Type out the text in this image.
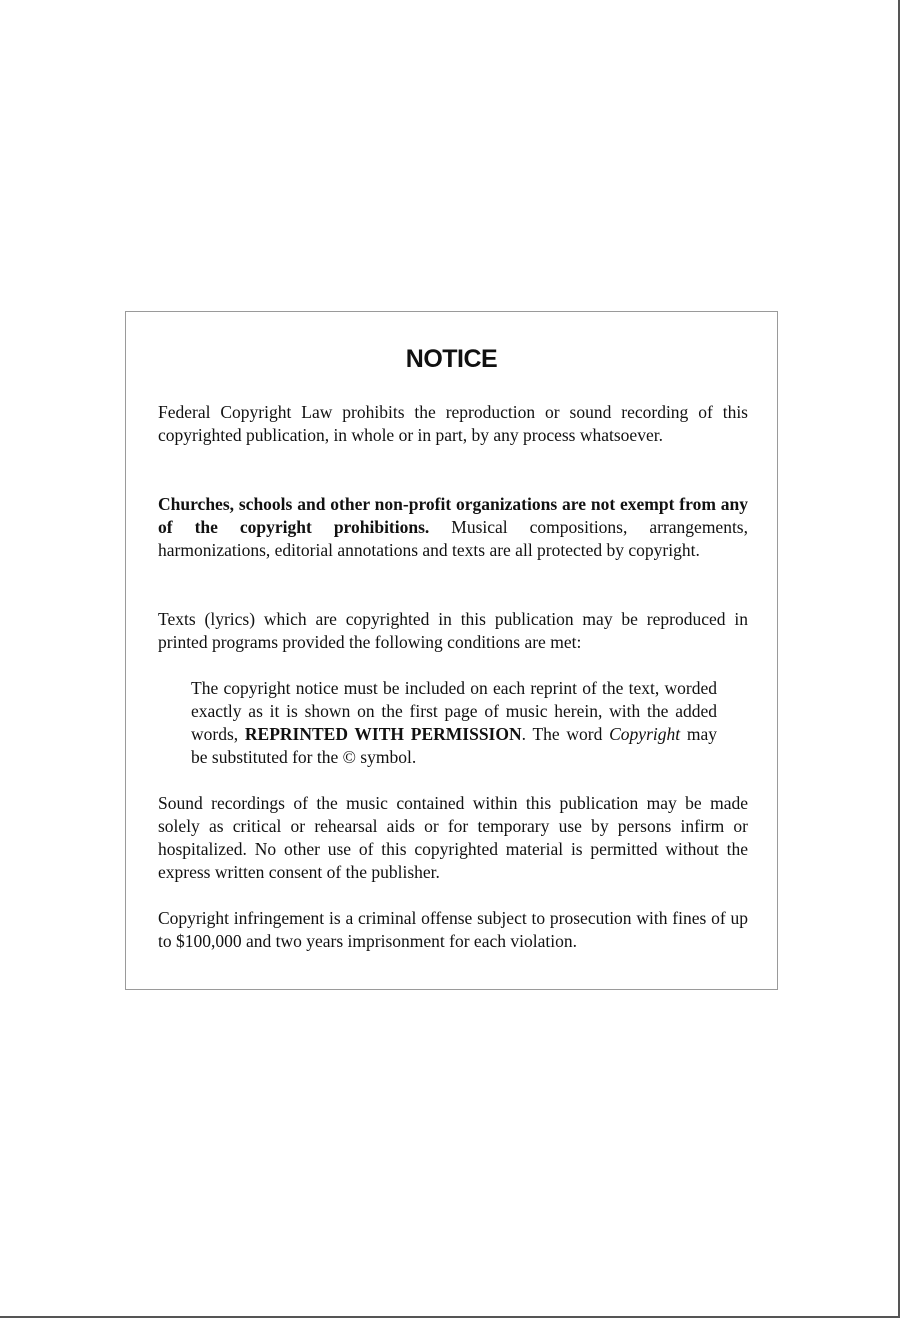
NOTICE

Federal Copyright Law prohibits the reproduction or sound recording of this copyrighted publication, in whole or in part, by any process whatsoever.

Churches, schools and other non-profit organizations are not exempt from any of the copyright prohibitions. Musical compositions, arrangements, harmonizations, editorial annotations and texts are all protected by copyright.

Texts (lyrics) which are copyrighted in this publication may be reproduced in printed programs provided the following conditions are met:

The copyright notice must be included on each reprint of the text, worded exactly as it is shown on the first page of music herein, with the added words, REPRINTED WITH PERMISSION. The word Copyright may be substituted for the © symbol.

Sound recordings of the music contained within this publication may be made solely as critical or rehearsal aids or for temporary use by persons infirm or hospitalized. No other use of this copyrighted material is permitted without the express written consent of the publisher.

Copyright infringement is a criminal offense subject to prosecution with fines of up to $100,000 and two years imprisonment for each violation.
